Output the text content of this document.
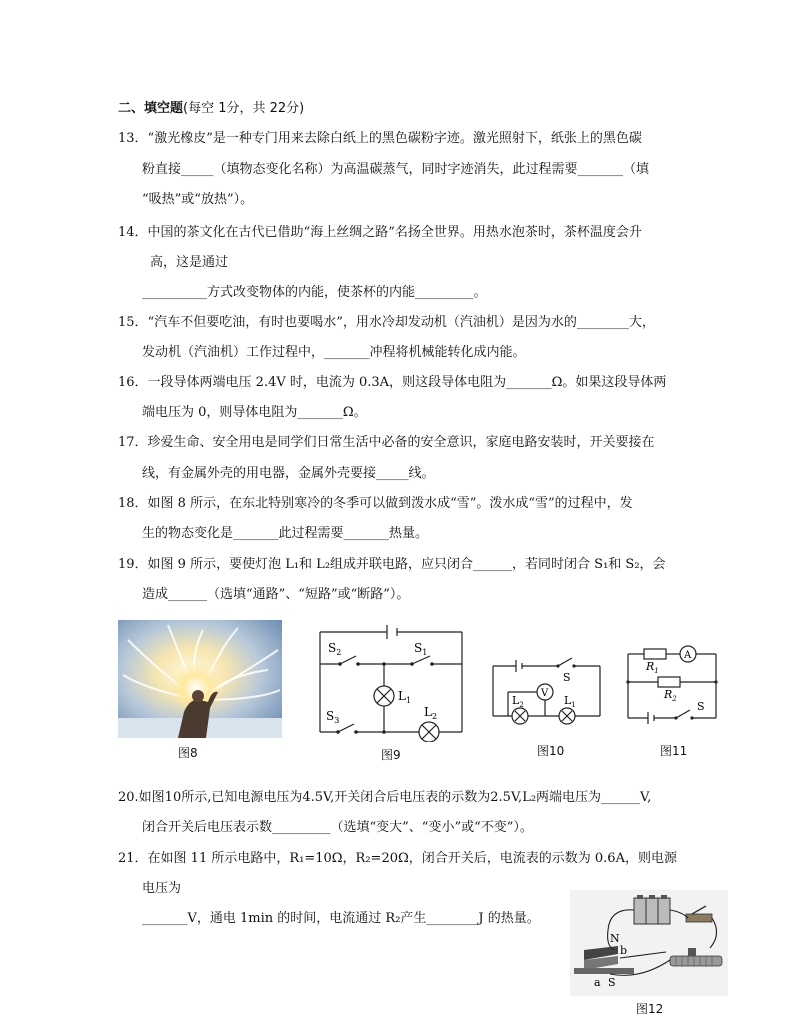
二、填空题(每空 1分，共 22分)
13．“激光橡皮”是一种专门用来去除白纸上的黑色碳粉字迹。激光照射下，纸张上的黑色碳
粉直接_____（填物态变化名称）为高温碳蒸气，同时字迹消失，此过程需要_______（填
“吸热”或“放热”）。
14．中国的茶文化在古代已借助“海上丝绸之路”名扬全世界。用热水泡茶时，茶杯温度会升
高，这是通过
__________方式改变物体的内能，使茶杯的内能_________。
15．“汽车不但要吃油，有时也要喝水”，用水冷却发动机（汽油机）是因为水的________大，
发动机（汽油机）工作过程中，_______冲程将机械能转化成内能。
16．一段导体两端电压 2.4V 时，电流为 0.3A，则这段导体电阻为_______Ω。如果这段导体两
端电压为 0，则导体电阻为_______Ω。
17．珍爱生命、安全用电是同学们日常生活中必备的安全意识，家庭电路安装时，开关要接在
线，有金属外壳的用电器，金属外壳要接_____线。
18．如图 8 所示，在东北特别寒冷的冬季可以做到泼水成“雪”。泼水成“雪”的过程中，发
生的物态变化是_______此过程需要_______热量。
19．如图 9 所示，要使灯泡 L₁和 L₂组成并联电路，应只闭合______，若同时闭合 S₁和 S₂，会
造成______（选填“通路”、“短路”或“断路”）。
图8
$S_2$	$S_1$
$S_3$
$L_1$
$L_2$
图9
S
V
$L_2$	$L_1$
图10
A
$R_1$
$R_2$
S
图11
20.如图10所示,已知电源电压为4.5V,开关闭合后电压表的示数为2.5V,L₂两端电压为______V,
闭合开关后电压表示数_________（选填“变大”、“变小”或“不变”）。
21．在如图 11 所示电路中，R₁=10Ω，R₂=20Ω，闭合开关后，电流表的示数为 0.6A，则电源
电压为
_______V，通电 1min 的时间，电流通过 R₂产生________J 的热量。
N
b
a S
图12
